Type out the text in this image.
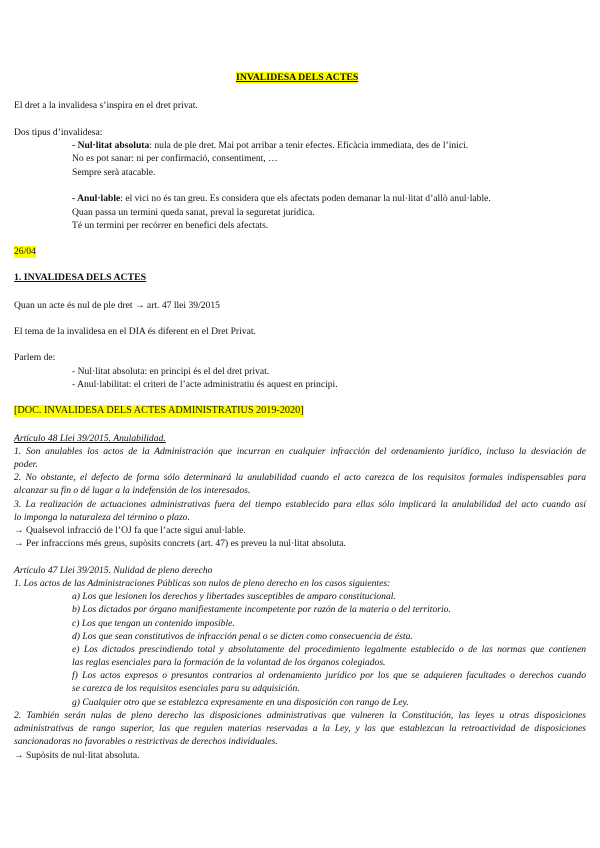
INVALIDESA DELS ACTES
El dret a la invalidesa s’inspira en el dret privat.
Dos tipus d’invalidesa:
- Nul·litat absoluta: nula de ple dret. Mai pot arribar a tenir efectes. Eficàcia immediata, des de l’inici.
No es pot sanar: ni per confirmació, consentiment, …
Sempre serà atacable.
- Anul·lable: el vici no és tan greu. Es considera que els afectats poden demanar la nul·litat d’allò anul·lable.
Quan passa un termini queda sanat, preval la seguretat jurídica.
Té un termini per recórrer en benefici dels afectats.
26/04
1. INVALIDESA DELS ACTES
Quan un acte és nul de ple dret → art. 47 llei 39/2015
El tema de la invalidesa en el DIA és diferent en el Dret Privat.
Parlem de:
- Nul·litat absoluta: en principi és el del dret privat.
- Anul·labilitat: el criteri de l’acte administratiu és aquest en principi.
[DOC. INVALIDESA DELS ACTES ADMINISTRATIUS 2019-2020]
Artículo 48 Llei 39/2015. Anulabilidad.
1. Son anulables los actos de la Administración que incurran en cualquier infracción del ordenamiento jurídico, incluso la desviación de
poder.
2. No obstante, el defecto de forma sólo determinará la anulabilidad cuando el acto carezca de los requisitos formales indispensables para
alcanzar su fin o dé lugar a la indefensión de los interesados.
3. La realización de actuaciones administrativas fuera del tiempo establecido para ellas sólo implicará la anulabilidad del acto cuando así
lo imponga la naturaleza del término o plazo.
→ Qualsevol infracció de l’OJ fa que l’acte sigui anul·lable.
→ Per infraccions més greus, supòsits concrets (art. 47) es preveu la nul·litat absoluta.
Artículo 47 Llei 39/2015. Nulidad de pleno derecho
1. Los actos de las Administraciones Públicas son nulos de pleno derecho en los casos siguientes:
a) Los que lesionen los derechos y libertades susceptibles de amparo constitucional.
b) Los dictados por órgano manifiestamente incompetente por razón de la materia o del territorio.
c) Los que tengan un contenido imposible.
d) Los que sean constitutivos de infracción penal o se dicten como consecuencia de ésta.
e) Los dictados prescindiendo total y absolutamente del procedimiento legalmente establecido o de las normas que contienen
las reglas esenciales para la formación de la voluntad de los órganos colegiados.
f) Los actos expresos o presuntos contrarios al ordenamiento jurídico por los que se adquieren facultades o derechos cuando
se carezca de los requisitos esenciales para su adquisición.
g) Cualquier otro que se establezca expresamente en una disposición con rango de Ley.
2. También serán nulas de pleno derecho las disposiciones administrativas que vulneren la Constitución, las leyes u otras disposiciones
administrativas de rango superior, las que regulen materias reservadas a la Ley, y las que establezcan la retroactividad de disposiciones
sancionadoras no favorables o restrictivas de derechos individuales.
→ Supòsits de nul·litat absoluta.
